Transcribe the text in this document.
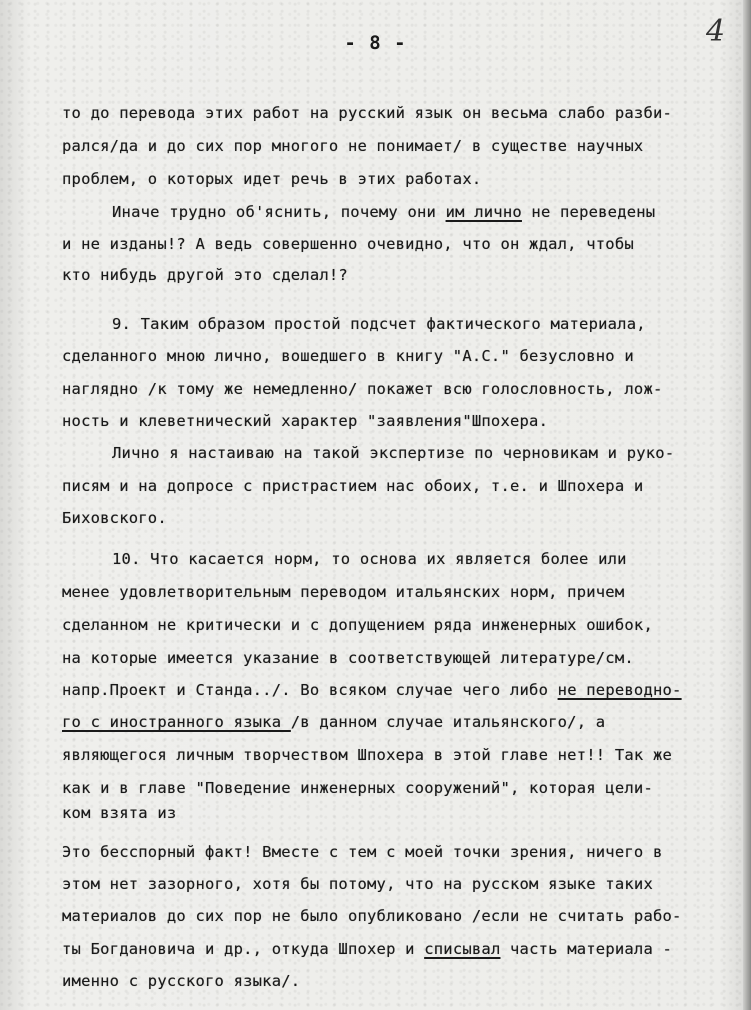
- 8 -	4
то до перевода этих работ на русский язык он весьма слабо разби-
рался/да и до сих пор многого не понимает/ в существе научных
проблем, о которых идет речь в этих работах.
Иначе трудно об'яснить, почему они им лично не переведены
и не изданы!? А ведь совершенно очевидно, что он ждал, чтобы
кто нибудь другой это сделал!?
9. Таким образом простой подсчет фактического материала,
сделанного мною лично, вошедшего в книгу "А.С." безусловно и
наглядно /к тому же немедленно/ покажет всю голословность, лож-
ность и клеветнический характер "заявления"Шпохера.
Лично я настаиваю на такой экспертизе по черновикам и руко-
писям и на допросе с пристрастием нас обоих, т.е. и Шпохера и
Биховского.
10. Что касается норм, то основа их является более или
менее удовлетворительным переводом итальянских норм, причем
сделанном не критически и с допущением ряда инженерных ошибок,
на которые имеется указание в соответствующей литературе/см.
напр.Проект и Станда../. Во всяком случае чего либо не переводно-
го с иностранного языка /в данном случае итальянского/, а
являющегося личным творчеством Шпохера в этой главе нет!! Так же
как и в главе "Поведение инженерных сооружений", которая цели-
ком взята из
Это бесспорный факт! Вместе с тем с моей точки зрения, ничего в
этом нет зазорного, хотя бы потому, что на русском языке таких
материалов до сих пор не было опубликовано /если не считать рабо-
ты Богдановича и др., откуда Шпохер и списывал часть материала -
именно с русского языка/.
